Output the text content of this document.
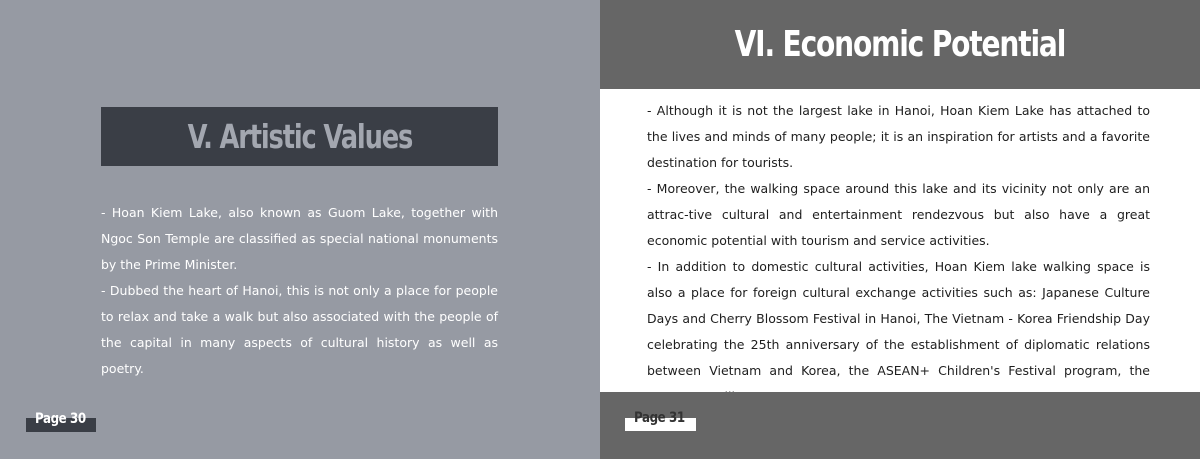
V. Artistic Values

- Hoan Kiem Lake, also known as Guom Lake, together with Ngoc Son Temple are classified as special national monuments by the Prime Minister.

- Dubbed the heart of Hanoi, this is not only a place for people to relax and take a walk but also associated with the people of the capital in many aspects of cultural history as well as poetry.

Page 30
VI. Economic Potential

- Although it is not the largest lake in Hanoi, Hoan Kiem Lake has attached to the lives and minds of many people; it is an inspiration for artists and a favorite destination for tourists.

- Moreover, the walking space around this lake and its vicinity not only are an attrac-tive cultural and entertainment rendezvous but also have a great economic potential with tourism and service activities.

- In addition to domestic cultural activities, Hoan Kiem lake walking space is also a place for foreign cultural exchange activities such as: Japanese Culture Days and Cherry Blossom Festival in Hanoi, The Vietnam - Korea Friendship Day celebrating the 25th anniversary of the establishment of diplomatic relations between Vietnam and Korea, the ASEAN+ Children's Festival program, the

Page 31
